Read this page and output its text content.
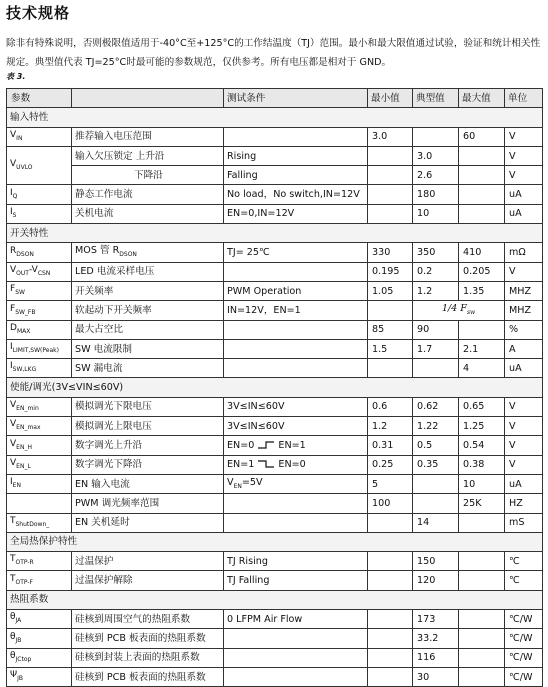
技术规格
除非有特殊说明，否则极限值适用于-40°C至+125°C的工作结温度（TJ）范围。最小和最大限值通过试验，验证和统计相关性规定。典型值代表 TJ=25°C时最可能的参数规范，仅供参考。所有电压都是相对于 GND。
表 3.
参数		测试条件	最小值	典型值	最大值	单位
输入特性						
$V_{IN}$	推荐输入电压范围		3.0		60	V
$V_{UVLO}$	输入欠压锁定 上升沿	Rising		3.0		V
	下降沿	Falling		2.6		V
$I_Q$	静态工作电流	No load，No switch,IN=12V		180		uA
$I_S$	关机电流	EN=0,IN=12V		10		uA
开关特性						
$R_{DSON}$	MOS 管 $R_{DSON}$	TJ= 25℃	330	350	410	mΩ
$V_{OUT}-V_{CSN}$	LED 电流采样电压		0.195	0.2	0.205	V
$F_{SW}$	开关频率	PWM Operation	1.05	1.2	1.35	MHZ
$F_{SW\_FB}$	软起动下开关频率	IN=12V，EN=1		1/4 $F_{sw}$		MHZ
$D_{MAX}$	最大占空比		85	90		%
$I_{LIMIT,SW(Peak)}$	SW 电流限制		1.5	1.7	2.1	A
$I_{SW,LKG}$	SW 漏电流				4	uA
使能/调光(3V≤VIN≤60V)						
$V_{EN\_min}$	模拟调光下限电压	3V≤IN≤60V	0.6	0.62	0.65	V
$V_{EN\_max}$	模拟调光上限电压	3V≤IN≤60V	1.2	1.22	1.25	V
$V_{EN\_H}$	数字调光上升沿	EN=0 EN=1	0.31	0.5	0.54	V
$V_{EN\_L}$	数字调光下降沿	EN=1 EN=0	0.25	0.35	0.38	V
$I_{EN}$	EN 输入电流	$V_{EN}=5V$	5		10	uA
	PWM 调光频率范围		100		25K	HZ
$T_{ShutDown\_}$	EN 关机延时			14		mS
全局热保护特性						
$T_{OTP-R}$	过温保护	TJ Rising		150		℃
$T_{OTP-F}$	过温保护解除	TJ Falling		120		℃
热阻系数						
$\theta_{JA}$	硅核到周围空气的热阻系数	0 LFPM Air Flow		173		℃/W
$\theta_{JB}$	硅核到 PCB 板表面的热阻系数			33.2		℃/W
$\theta_{JCtop}$	硅核到封装上表面的热阻系数			116		℃/W
$\Psi_{JB}$	硅核到 PCB 板表面的热阻系数			30		℃/W
